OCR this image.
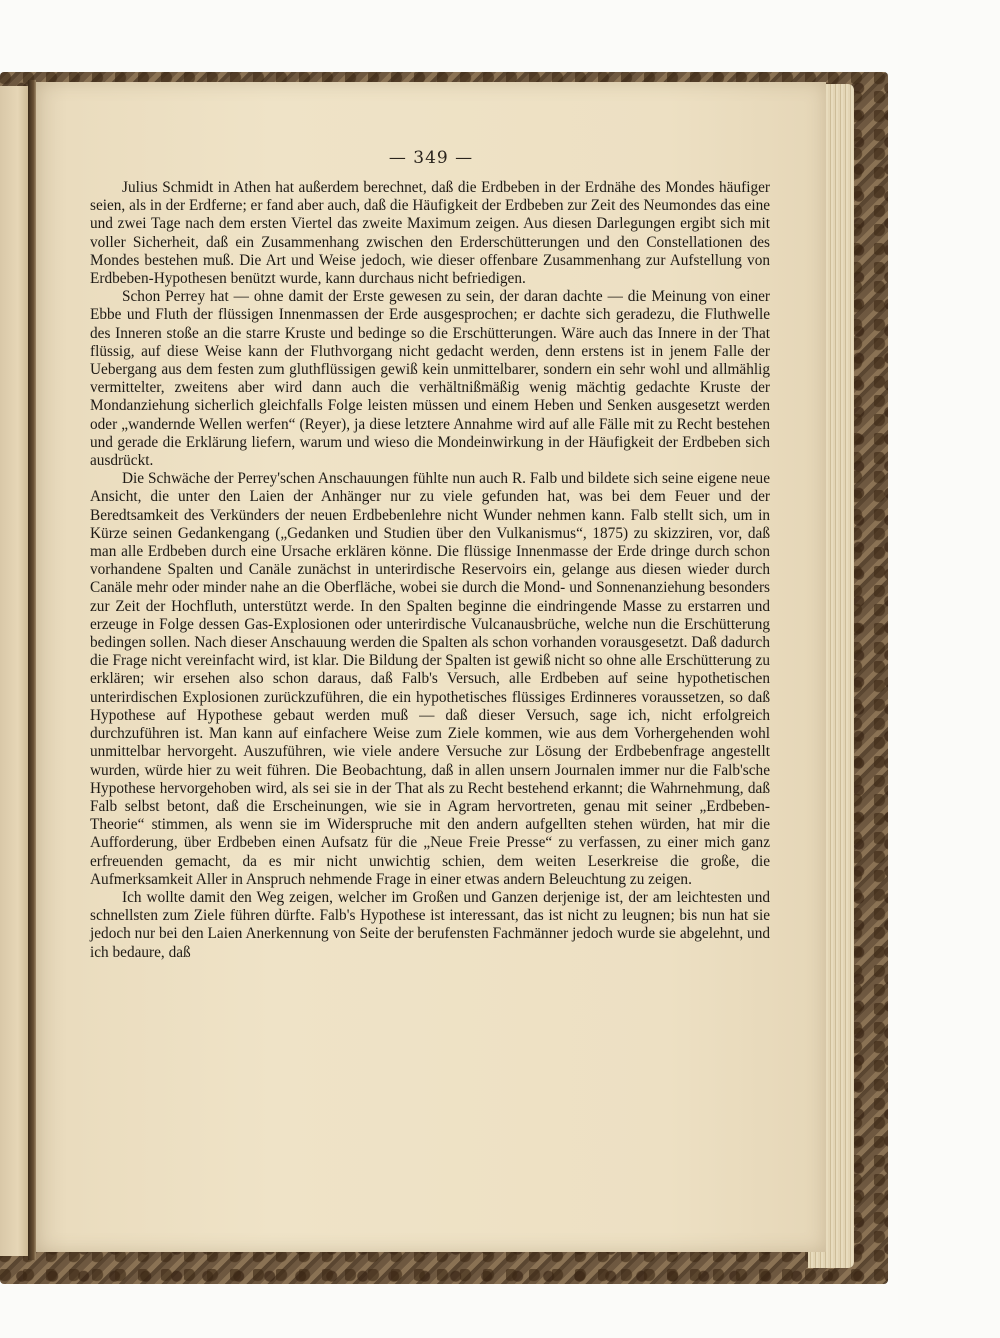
— 349 —

Julius Schmidt in Athen hat außerdem berechnet, daß die Erdbeben in der Erdnähe des Mondes häufiger seien, als in der Erdferne; er fand aber auch, daß die Häufigkeit der Erdbeben zur Zeit des Neumondes das eine und zwei Tage nach dem ersten Viertel das zweite Maximum zeigen. Aus diesen Darlegungen ergibt sich mit voller Sicherheit, daß ein Zusammenhang zwischen den Erderschütterungen und den Constellationen des Mondes bestehen muß. Die Art und Weise jedoch, wie dieser offenbare Zusammenhang zur Aufstellung von Erdbeben-Hypothesen benützt wurde, kann durchaus nicht befriedigen.

Schon Perrey hat — ohne damit der Erste gewesen zu sein, der daran dachte — die Meinung von einer Ebbe und Fluth der flüssigen Innenmassen der Erde ausgesprochen; er dachte sich geradezu, die Fluthwelle des Inneren stoße an die starre Kruste und bedinge so die Erschütterungen. Wäre auch das Innere in der That flüssig, auf diese Weise kann der Fluthvorgang nicht gedacht werden, denn erstens ist in jenem Falle der Uebergang aus dem festen zum gluthflüssigen gewiß kein unmittelbarer, sondern ein sehr wohl und allmählig vermittelter, zweitens aber wird dann auch die verhältnißmäßig wenig mächtig gedachte Kruste der Mondanziehung sicherlich gleichfalls Folge leisten müssen und einem Heben und Senken ausgesetzt werden oder „wandernde Wellen werfen“ (Reyer), ja diese letztere Annahme wird auf alle Fälle mit zu Recht bestehen und gerade die Erklärung liefern, warum und wieso die Mondeinwirkung in der Häufigkeit der Erdbeben sich ausdrückt.

Die Schwäche der Perrey'schen Anschauungen fühlte nun auch R. Falb und bildete sich seine eigene neue Ansicht, die unter den Laien der Anhänger nur zu viele gefunden hat, was bei dem Feuer und der Beredtsamkeit des Verkünders der neuen Erdbebenlehre nicht Wunder nehmen kann. Falb stellt sich, um in Kürze seinen Gedankengang („Gedanken und Studien über den Vulkanismus“, 1875) zu skizziren, vor, daß man alle Erdbeben durch eine Ursache erklären könne. Die flüssige Innenmasse der Erde dringe durch schon vorhandene Spalten und Canäle zunächst in unterirdische Reservoirs ein, gelange aus diesen wieder durch Canäle mehr oder minder nahe an die Oberfläche, wobei sie durch die Mond- und Sonnenanziehung besonders zur Zeit der Hochfluth, unterstützt werde. In den Spalten beginne die eindringende Masse zu erstarren und erzeuge in Folge dessen Gas-Explosionen oder unterirdische Vulcanausbrüche, welche nun die Erschütterung bedingen sollen. Nach dieser Anschauung werden die Spalten als schon vorhanden vorausgesetzt. Daß dadurch die Frage nicht vereinfacht wird, ist klar. Die Bildung der Spalten ist gewiß nicht so ohne alle Erschütterung zu erklären; wir ersehen also schon daraus, daß Falb's Versuch, alle Erdbeben auf seine hypothetischen unterirdischen Explosionen zurückzuführen, die ein hypothetisches flüssiges Erdinneres voraussetzen, so daß Hypothese auf Hypothese gebaut werden muß — daß dieser Versuch, sage ich, nicht erfolgreich durchzuführen ist. Man kann auf einfachere Weise zum Ziele kommen, wie aus dem Vorhergehenden wohl unmittelbar hervorgeht. Auszuführen, wie viele andere Versuche zur Lösung der Erdbebenfrage angestellt wurden, würde hier zu weit führen. Die Beobachtung, daß in allen unsern Journalen immer nur die Falb'sche Hypothese hervorgehoben wird, als sei sie in der That als zu Recht bestehend erkannt; die Wahrnehmung, daß Falb selbst betont, daß die Erscheinungen, wie sie in Agram hervortreten, genau mit seiner „Erdbeben-Theorie“ stimmen, als wenn sie im Widerspruche mit den andern aufgellten stehen würden, hat mir die Aufforderung, über Erdbeben einen Aufsatz für die „Neue Freie Presse“ zu verfassen, zu einer mich ganz erfreuenden gemacht, da es mir nicht unwichtig schien, dem weiten Leserkreise die große, die Aufmerksamkeit Aller in Anspruch nehmende Frage in einer etwas andern Beleuchtung zu zeigen.

Ich wollte damit den Weg zeigen, welcher im Großen und Ganzen derjenige ist, der am leichtesten und schnellsten zum Ziele führen dürfte. Falb's Hypothese ist interessant, das ist nicht zu leugnen; bis nun hat sie jedoch nur bei den Laien Anerkennung von Seite der berufensten Fachmänner jedoch wurde sie abgelehnt, und ich bedaure, daß
